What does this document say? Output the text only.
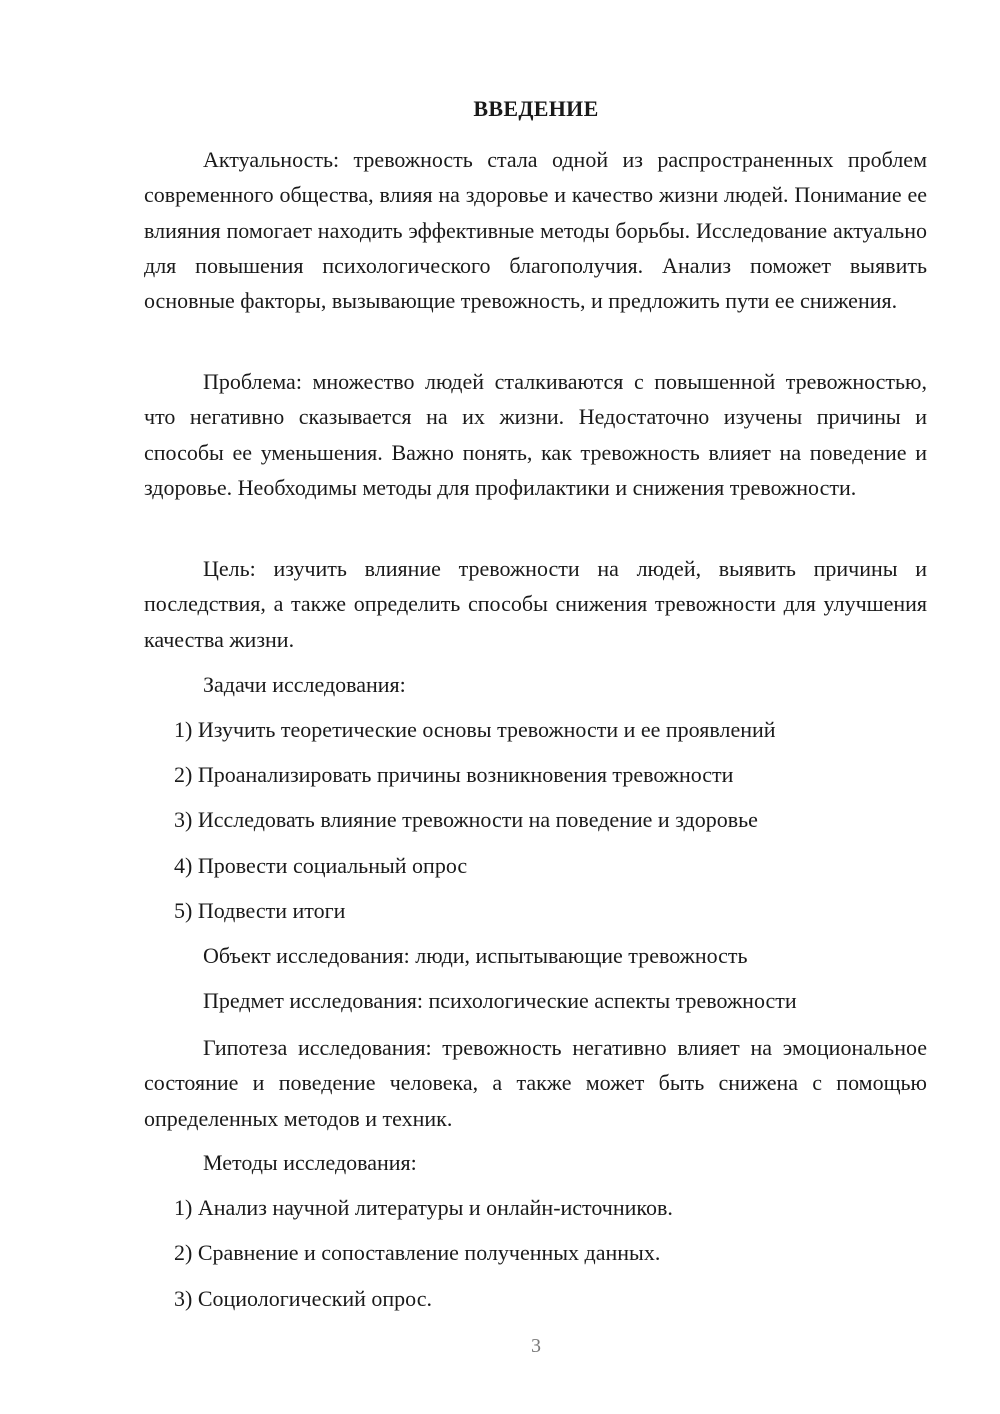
ВВЕДЕНИЕ

Актуальность: тревожность стала одной из распространенных проблем современного общества, влияя на здоровье и качество жизни людей. Понимание ее влияния помогает находить эффективные методы борьбы. Исследование актуально для повышения психологического благополучия. Анализ поможет выявить основные факторы, вызывающие тревожность, и предложить пути ее снижения.

Проблема: множество людей сталкиваются с повышенной тревожностью, что негативно сказывается на их жизни. Недостаточно изучены причины и способы ее уменьшения. Важно понять, как тревожность влияет на поведение и здоровье. Необходимы методы для профилактики и снижения тревожности.

Цель: изучить влияние тревожности на людей, выявить причины и последствия, а также определить способы снижения тревожности для улучшения качества жизни.

Задачи исследования:
1) Изучить теоретические основы тревожности и ее проявлений
2) Проанализировать причины возникновения тревожности
3) Исследовать влияние тревожности на поведение и здоровье
4) Провести социальный опрос
5) Подвести итоги
Объект исследования: люди, испытывающие тревожность
Предмет исследования: психологические аспекты тревожности

Гипотеза исследования: тревожность негативно влияет на эмоциональное состояние и поведение человека, а также может быть снижена с помощью определенных методов и техник.

Методы исследования:
1) Анализ научной литературы и онлайн-источников.
2) Сравнение и сопоставление полученных данных.
3) Социологический опрос.
3
